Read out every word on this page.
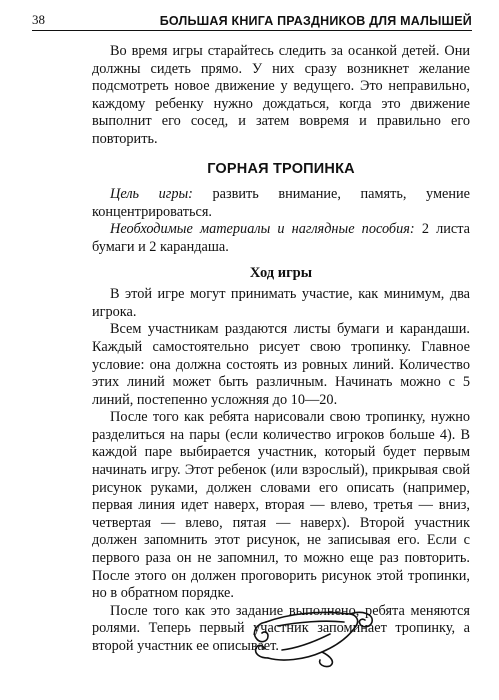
38	БОЛЬШАЯ КНИГА ПРАЗДНИКОВ ДЛЯ МАЛЫШЕЙ

Во время игры старайтесь следить за осанкой детей. Они должны сидеть прямо. У них сразу возникнет желание подсмотреть новое движение у ведущего. Это неправильно, каждому ребенку нужно дождаться, когда это движение выполнит его сосед, и затем вовремя и правильно его повторить.

ГОРНАЯ ТРОПИНКА

Цель игры: развить внимание, память, умение концентрироваться.

Необходимые материалы и наглядные пособия: 2 листа бумаги и 2 карандаша.

Ход игры

В этой игре могут принимать участие, как минимум, два игрока.

Всем участникам раздаются листы бумаги и карандаши. Каждый самостоятельно рисует свою тропинку. Главное условие: она должна состоять из ровных линий. Количество этих линий может быть различным. Начинать можно с 5 линий, постепенно усложняя до 10—20.

После того как ребята нарисовали свою тропинку, нужно разделиться на пары (если количество игроков больше 4). В каждой паре выбирается участник, который будет первым начинать игру. Этот ребенок (или взрослый), прикрывая свой рисунок руками, должен словами его описать (например, первая линия идет наверх, вторая — влево, третья — вниз, четвертая — влево, пятая — наверх). Второй участник должен запомнить этот рисунок, не записывая его. Если с первого раза он не запомнил, то можно еще раз повторить. После этого он должен проговорить рисунок этой тропинки, но в обратном порядке.

После того как это задание выполнено, ребята меняются ролями. Теперь первый участник запоминает тропинку, а второй участник ее описывает.
